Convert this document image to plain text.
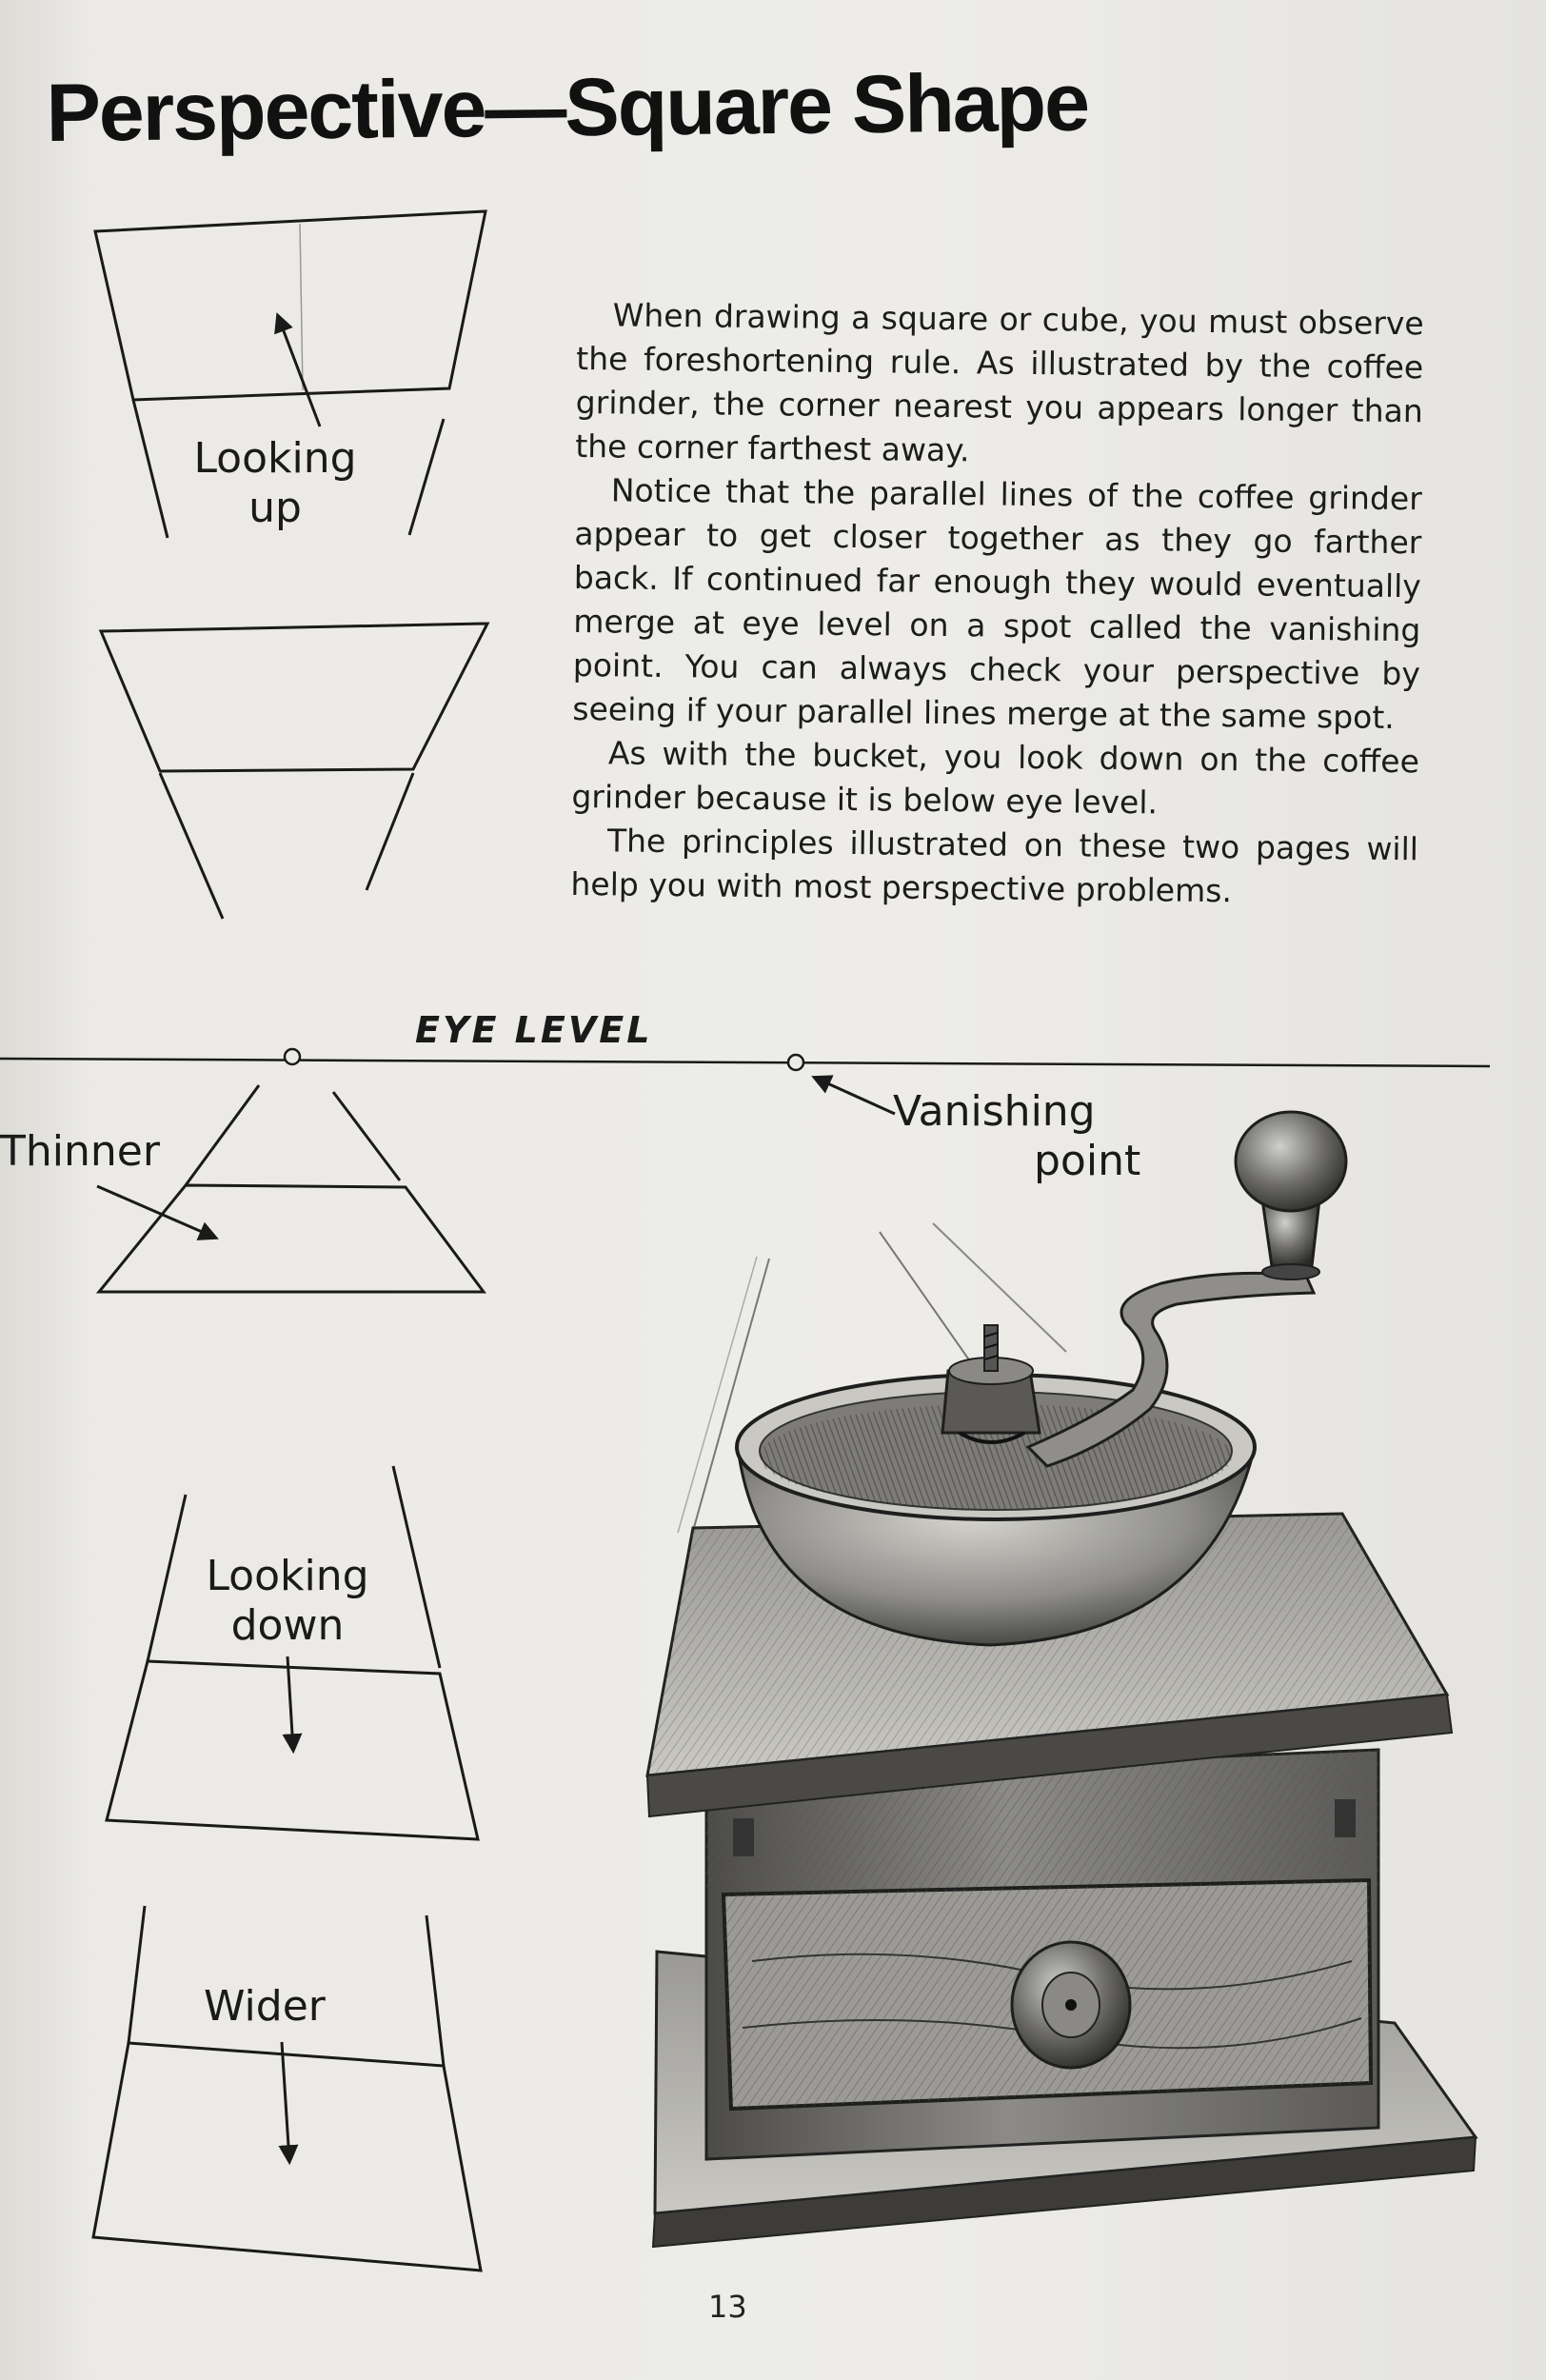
Perspective—Square Shape

When drawing a square or cube, you must observe the foreshortening rule. As illustrated by the coffee grinder, the corner nearest you appears longer than the corner farthest away.

Notice that the parallel lines of the coffee grinder appear to get closer together as they go farther back. If continued far enough they would eventually merge at eye level on a spot called the vanishing point. You can always check your perspective by seeing if your parallel lines merge at the same spot.

As with the bucket, you look down on the coffee grinder because it is below eye level.

The principles illustrated on these two pages will help you with most perspective problems.

Looking
up
EYE LEVEL
Vanishing
point
Thinner
Looking
down
Wider
13
